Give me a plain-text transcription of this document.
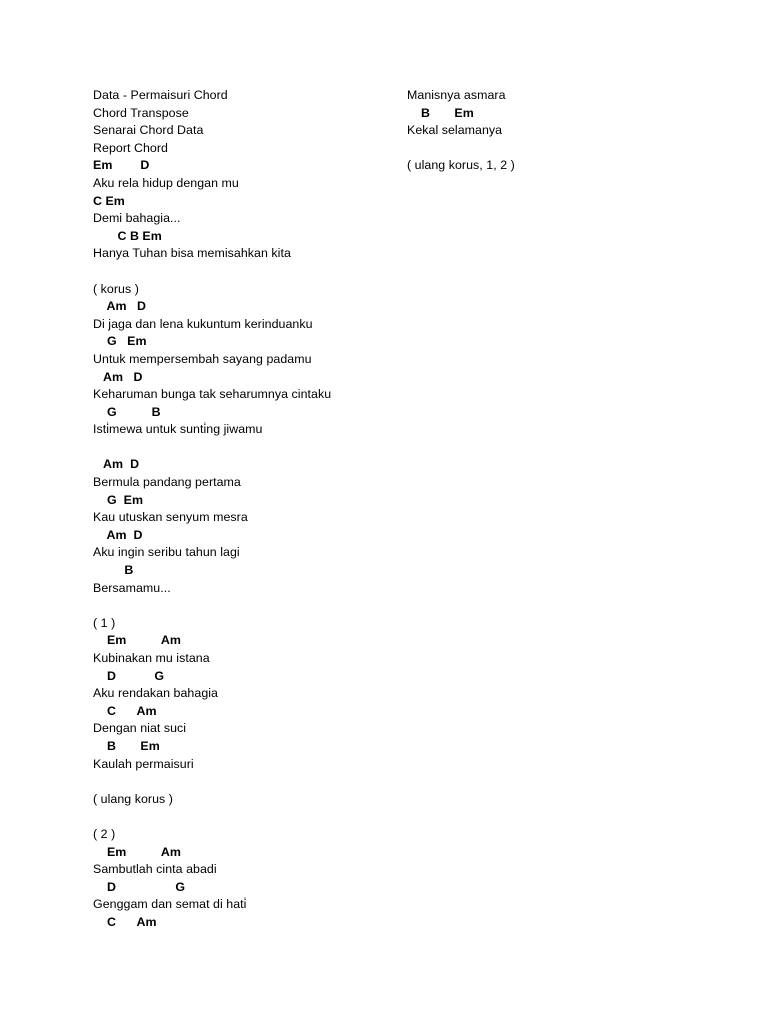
Data - Permaisuri Chord
Chord Transpose
Senarai Chord Data
Report Chord
Em        D
Aku rela hidup dengan mu
C Em
Demi bahagia...
C B Em
Hanya Tuhan bisa memisahkan kita
( korus )
Am   D
Di jaga dan lena kukuntum kerinduanku
G   Em
Untuk mempersembah sayang padamu
Am   D
Keharuman bunga tak seharumnya cintaku
G          B
Isti̇mewa untuk sunti̇ng jiwamu
Am  D
Bermula pandang pertama
G  Em
Kau utuskan senyum mesra
Am  D
Aku ingin seribu tahun lagi
B
Bersamamu...
( 1 )
Em          Am
Kubinakan mu istana
D           G
Aku rendakan bahagia
C      Am
Dengan niat suci
B       Em
Kaulah permaisuri
( ulang korus )
( 2 )
Em          Am
Sambutlah cinta abadi
D                 G
Genggam dan semat di hati̇
C      Am
Manisnya asmara
B       Em
Kekal selamanya
( ulang korus, 1, 2 )
